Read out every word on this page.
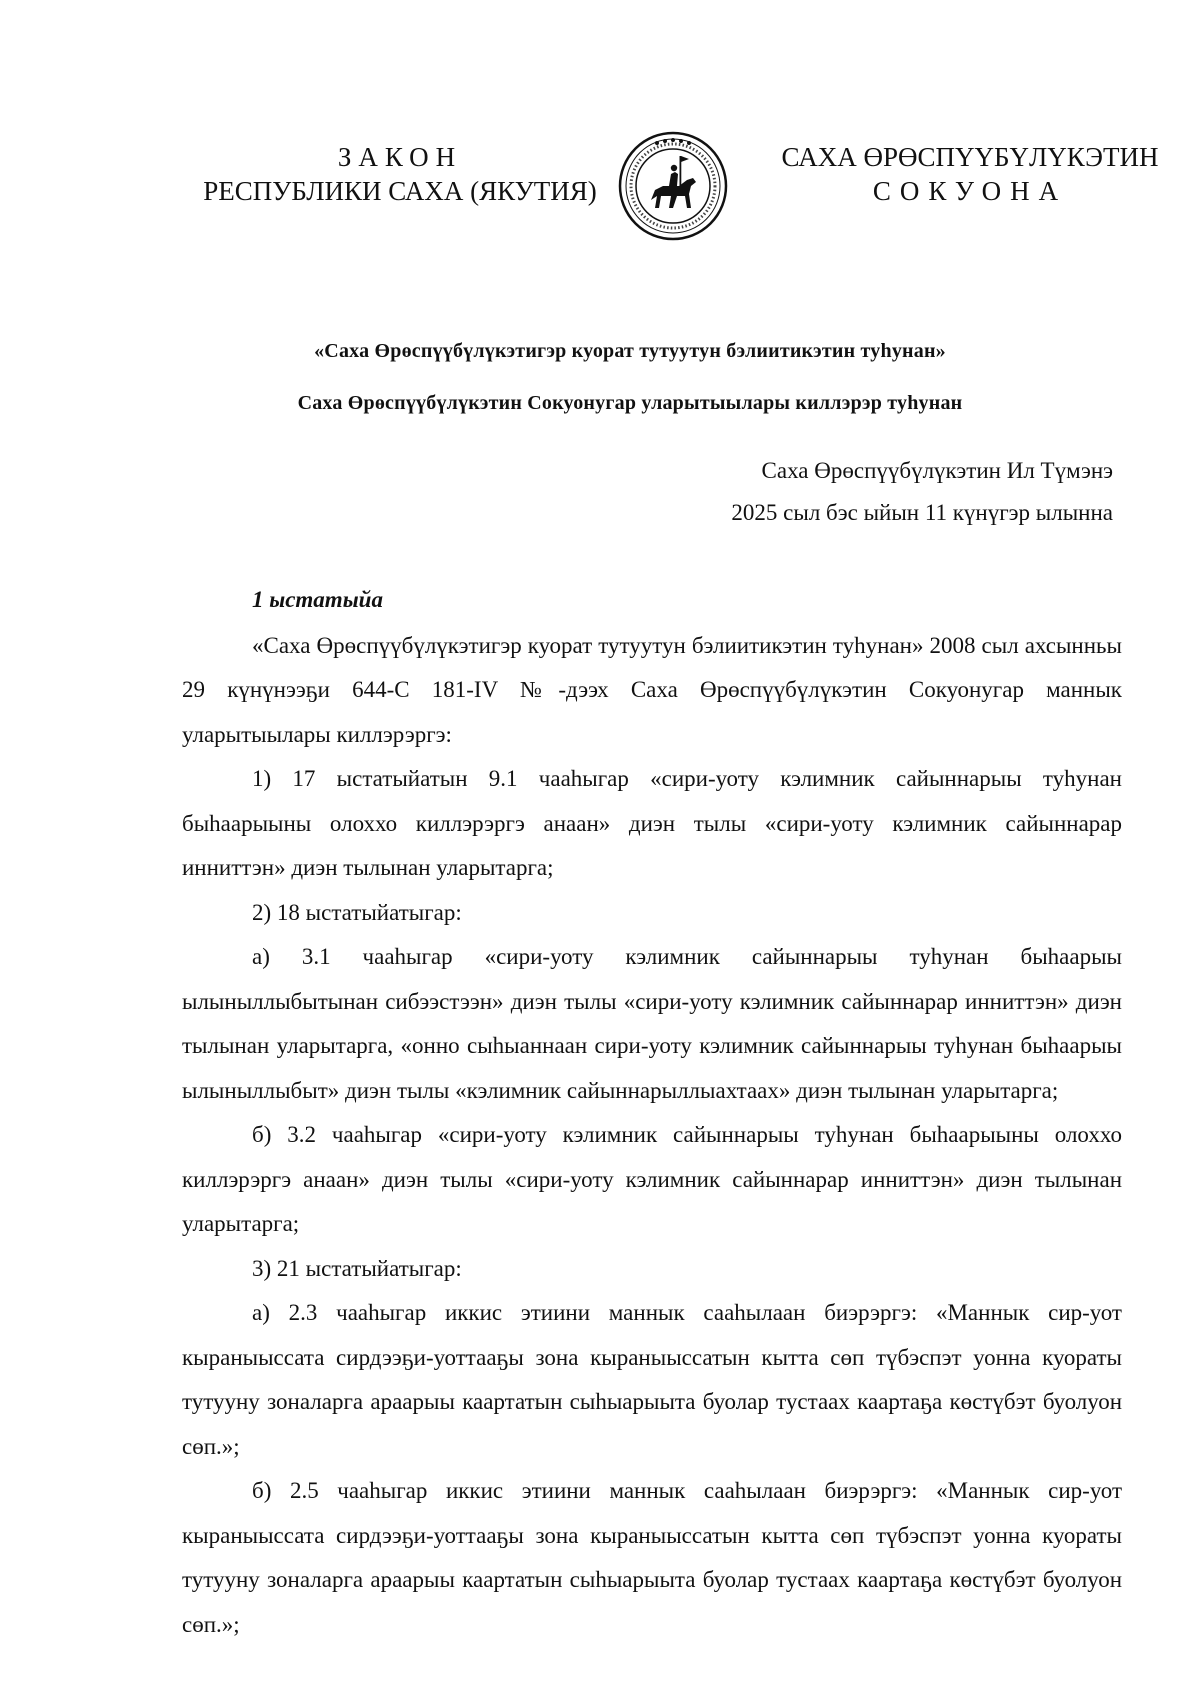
ЗАКОН
РЕСПУБЛИКИ САХА (ЯКУТИЯ)
САХА ӨРӨСПҮҮБҮЛҮКЭТИН
СОКУОНА
«Саха Өрөспүүбүлүкэтигэр куорат тутуутун бэлиитикэтин туһунан»
Саха Өрөспүүбүлүкэтин Сокуонугар уларытыылары киллэрэр туһунан
Саха Өрөспүүбүлүкэтин Ил Түмэнэ
2025 сыл бэс ыйын 11 күнүгэр ылынна

1 ыстатыйа

«Саха Өрөспүүбүлүкэтигэр куорат тутуутун бэлиитикэтин туһунан» 2008 сыл ахсынньы 29 күнүнээҕи 644-С 181-IV №-дээх Саха Өрөспүүбүлүкэтин Сокуонугар маннык уларытыылары киллэрэргэ:

1) 17 ыстатыйатын 9.1 чааһыгар «сири-уоту кэлимник сайыннарыы туһунан быһаарыыны олоххо киллэрэргэ анаан» диэн тылы «сири-уоту кэлимник сайыннарар инниттэн» диэн тылынан уларытарга;

2) 18 ыстатыйатыгар:

а) 3.1 чааһыгар «сири-уоту кэлимник сайыннарыы туһунан быһаарыы ылыныллыбытынан сибээстээн» диэн тылы «сири-уоту кэлимник сайыннарар инниттэн» диэн тылынан уларытарга, «онно сыһыаннаан сири-уоту кэлимник сайыннарыы туһунан быһаарыы ылыныллыбыт» диэн тылы «кэлимник сайыннарыллыахтаах» диэн тылынан уларытарга;

б) 3.2 чааһыгар «сири-уоту кэлимник сайыннарыы туһунан быһаарыыны олоххо киллэрэргэ анаан» диэн тылы «сири-уоту кэлимник сайыннарар инниттэн» диэн тылынан уларытарга;

3) 21 ыстатыйатыгар:

а) 2.3 чааһыгар иккис этиини маннык сааһылаан биэрэргэ: «Маннык сир-уот кыраныыссата сирдээҕи-уоттааҕы зона кыраныыссатын кытта сөп түбэспэт уонна куораты тутууну зоналарга араарыы каартатын сыһыарыыта буолар тустаах каартаҕа көстүбэт буолуон сөп.»;

б) 2.5 чааһыгар иккис этиини маннык сааһылаан биэрэргэ: «Маннык сир-уот кыраныыссата сирдээҕи-уоттааҕы зона кыраныыссатын кытта сөп түбэспэт уонна куораты тутууну зоналарга араарыы каартатын сыһыарыыта буолар тустаах каартаҕа көстүбэт буолуон сөп.»;
